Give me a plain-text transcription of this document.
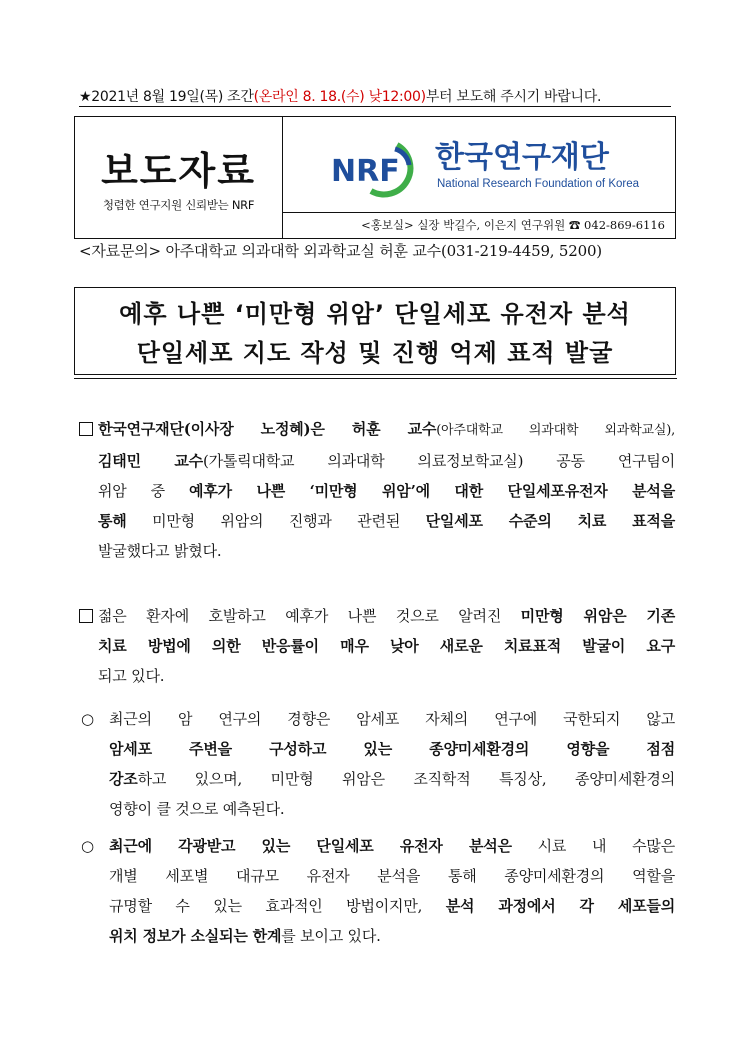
★2021년 8월 19일(목) 조간(온라인 8. 18.(수) 낮12:00)부터 보도해 주시기 바랍니다.
보도자료
청렴한 연구지원 신뢰받는 NRF
NRF 한국연구재단
National Research Foundation of Korea
<홍보실> 실장 박길수, 이은지 연구위원 ☎ 042-869-6116
<자료문의> 아주대학교 의과대학 외과학교실 허훈 교수(031-219-4459, 5200)
예후 나쁜 ‘미만형 위암’ 단일세포 유전자 분석
단일세포 지도 작성 및 진행 억제 표적 발굴
한국연구재단(이사장 노정혜)은 허훈 교수(아주대학교 의과대학 외과학교실),
김태민 교수(가톨릭대학교 의과대학 의료정보학교실) 공동 연구팀이
위암 중 예후가 나쁜 ‘미만형 위암’에 대한 단일세포유전자 분석을
통해 미만형 위암의 진행과 관련된 단일세포 수준의 치료 표적을
발굴했다고 밝혔다.
젊은 환자에 호발하고 예후가 나쁜 것으로 알려진 미만형 위암은 기존
치료 방법에 의한 반응률이 매우 낮아 새로운 치료표적 발굴이 요구
되고 있다.
○ 최근의 암 연구의 경향은 암세포 자체의 연구에 국한되지 않고
암세포 주변을 구성하고 있는 종양미세환경의 영향을 점점
강조하고 있으며, 미만형 위암은 조직학적 특징상, 종양미세환경의
영향이 클 것으로 예측된다.
○ 최근에 각광받고 있는 단일세포 유전자 분석은 시료 내 수많은
개별 세포별 대규모 유전자 분석을 통해 종양미세환경의 역할을
규명할 수 있는 효과적인 방법이지만, 분석 과정에서 각 세포들의
위치 정보가 소실되는 한계를 보이고 있다.
